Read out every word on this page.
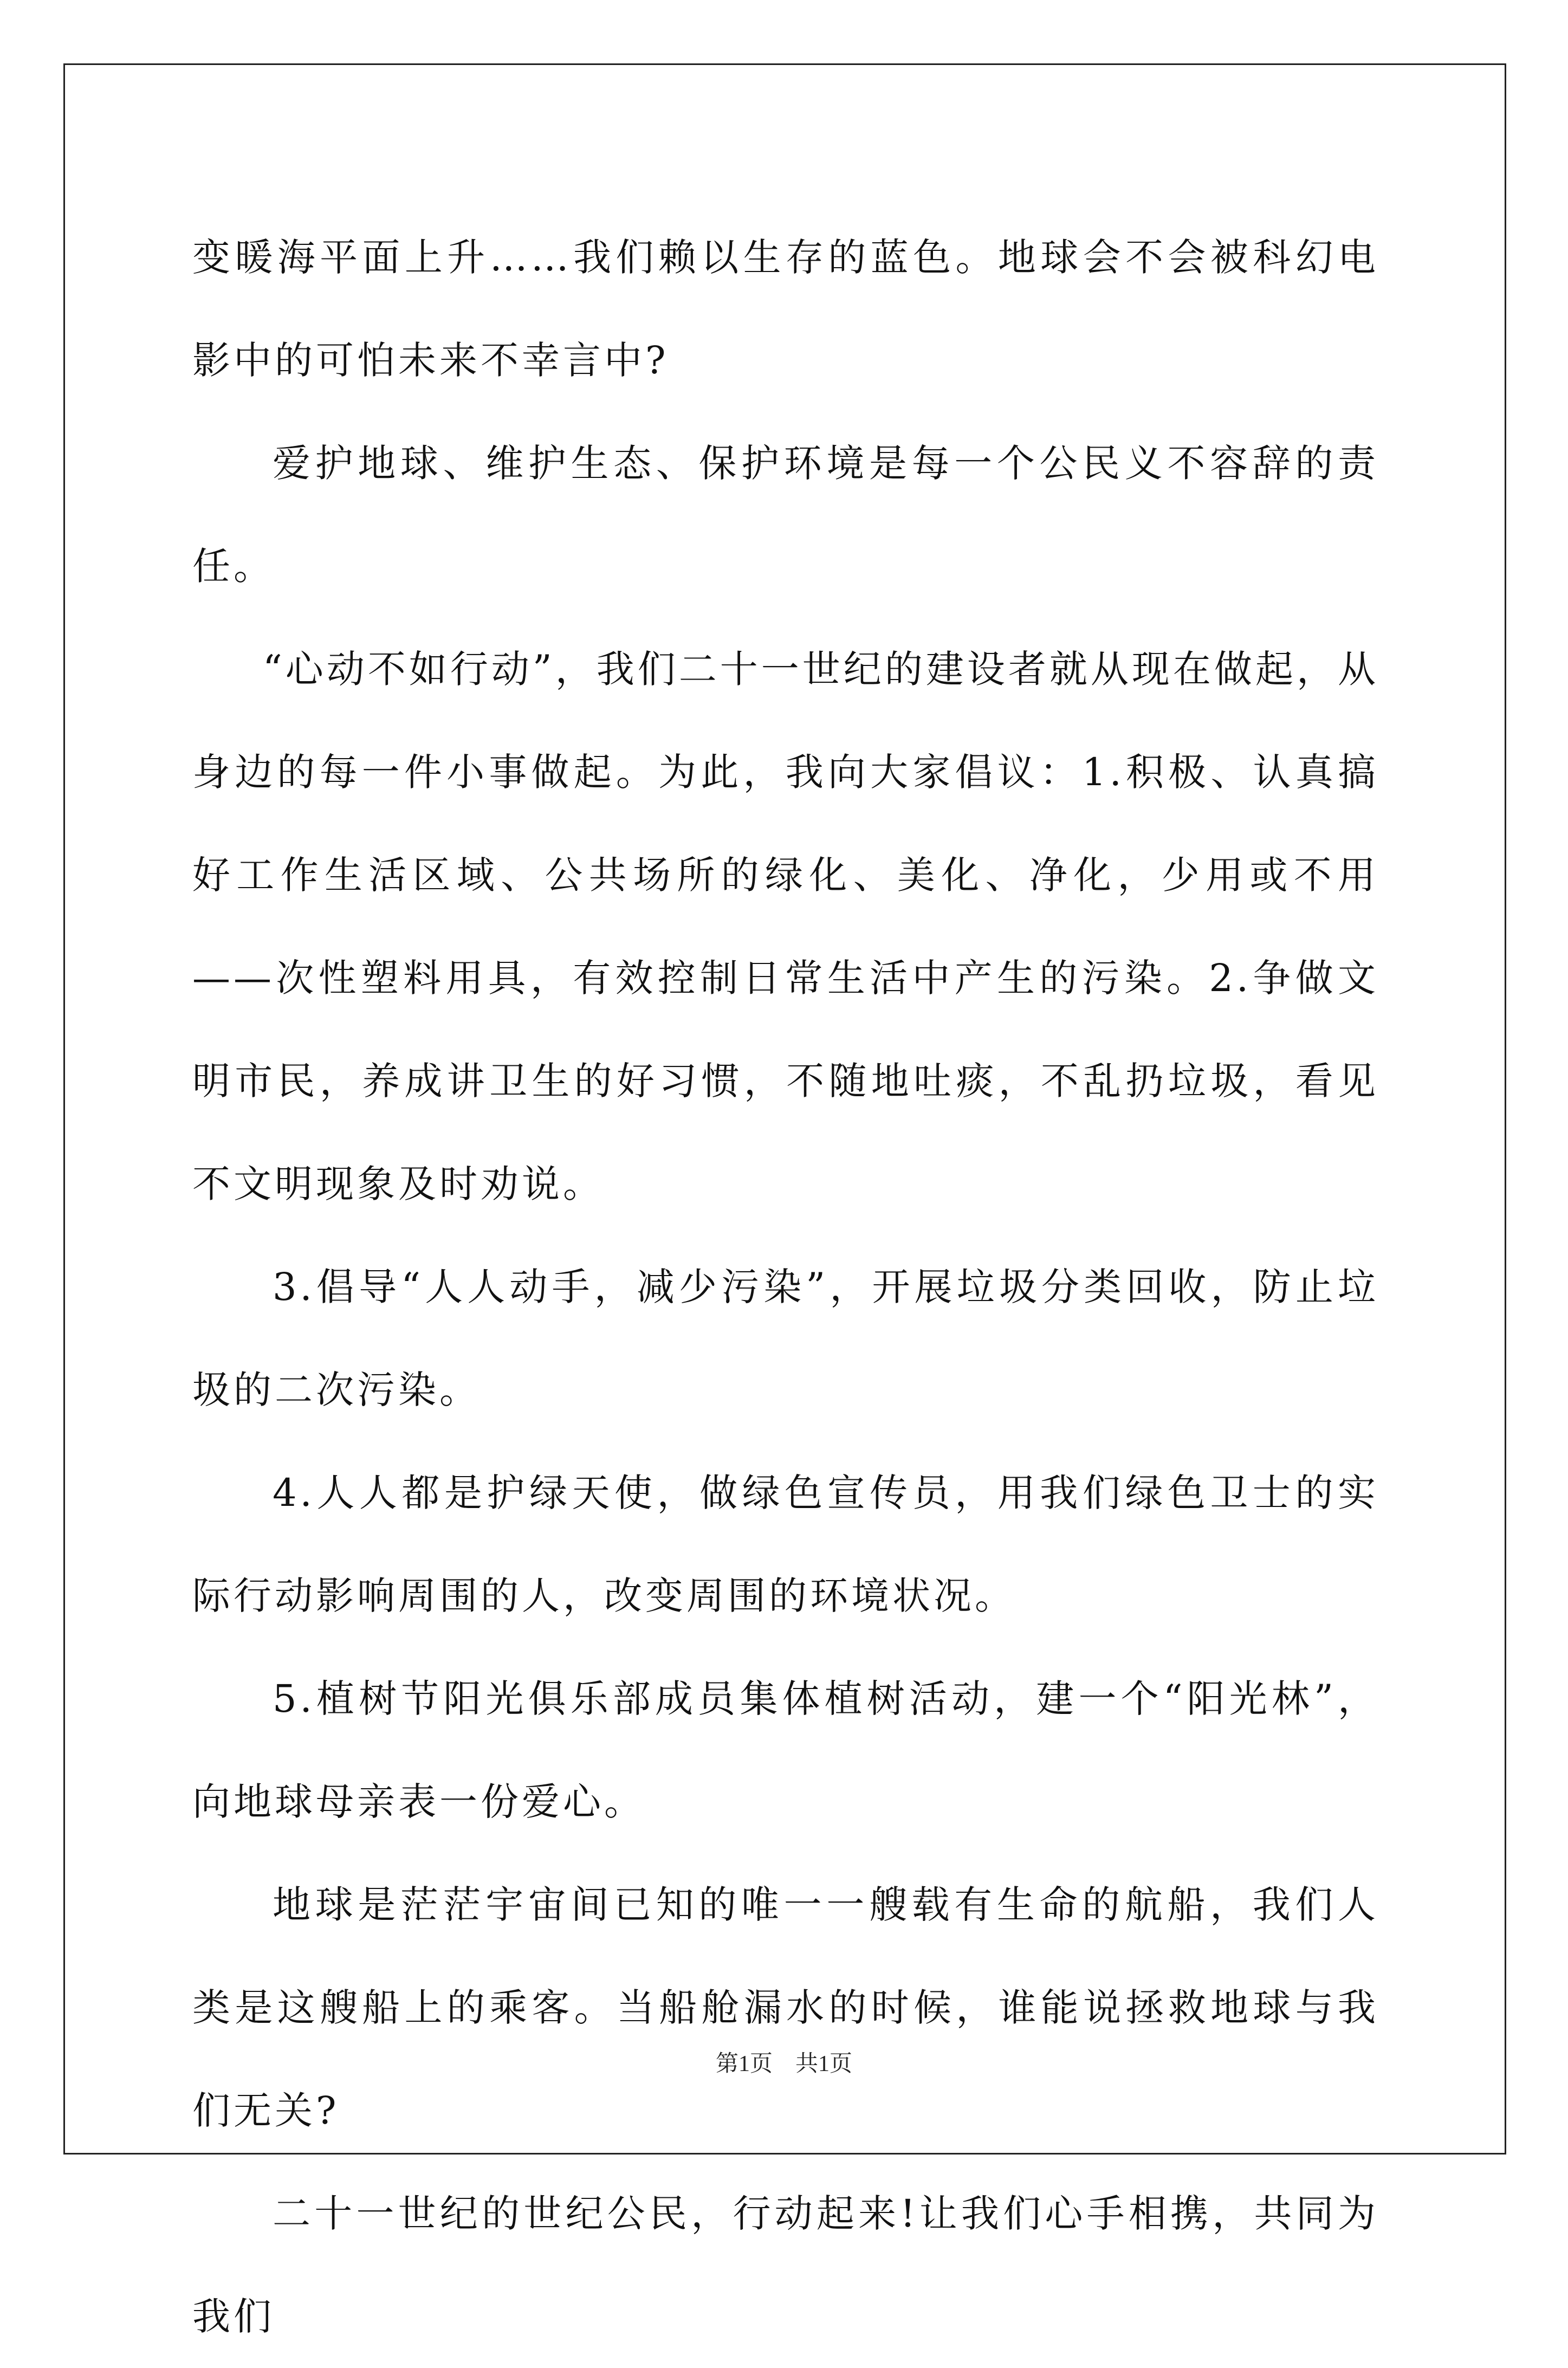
变暖海平面上升……我们赖以生存的蓝色。地球会不会被科幻电影中的可怕未来不幸言中?

爱护地球、维护生态、保护环境是每一个公民义不容辞的责任。

“心动不如行动”，我们二十一世纪的建设者就从现在做起，从身边的每一件小事做起。为此，我向大家倡议：1.积极、认真搞好工作生活区域、公共场所的绿化、美化、净化，少用或不用——次性塑料用具，有效控制日常生活中产生的污染。2.争做文明市民，养成讲卫生的好习惯，不随地吐痰，不乱扔垃圾，看见不文明现象及时劝说。

3.倡导“人人动手，减少污染”，开展垃圾分类回收，防止垃圾的二次污染。

4.人人都是护绿天使，做绿色宣传员，用我们绿色卫士的实际行动影响周围的人，改变周围的环境状况。

5.植树节阳光俱乐部成员集体植树活动，建一个“阳光林”，向地球母亲表一份爱心。

地球是茫茫宇宙间已知的唯一一艘载有生命的航船，我们人类是这艘船上的乘客。当船舱漏水的时候，谁能说拯救地球与我们无关?

二十一世纪的世纪公民，行动起来!让我们心手相携，共同为我们

第1页　共1页
